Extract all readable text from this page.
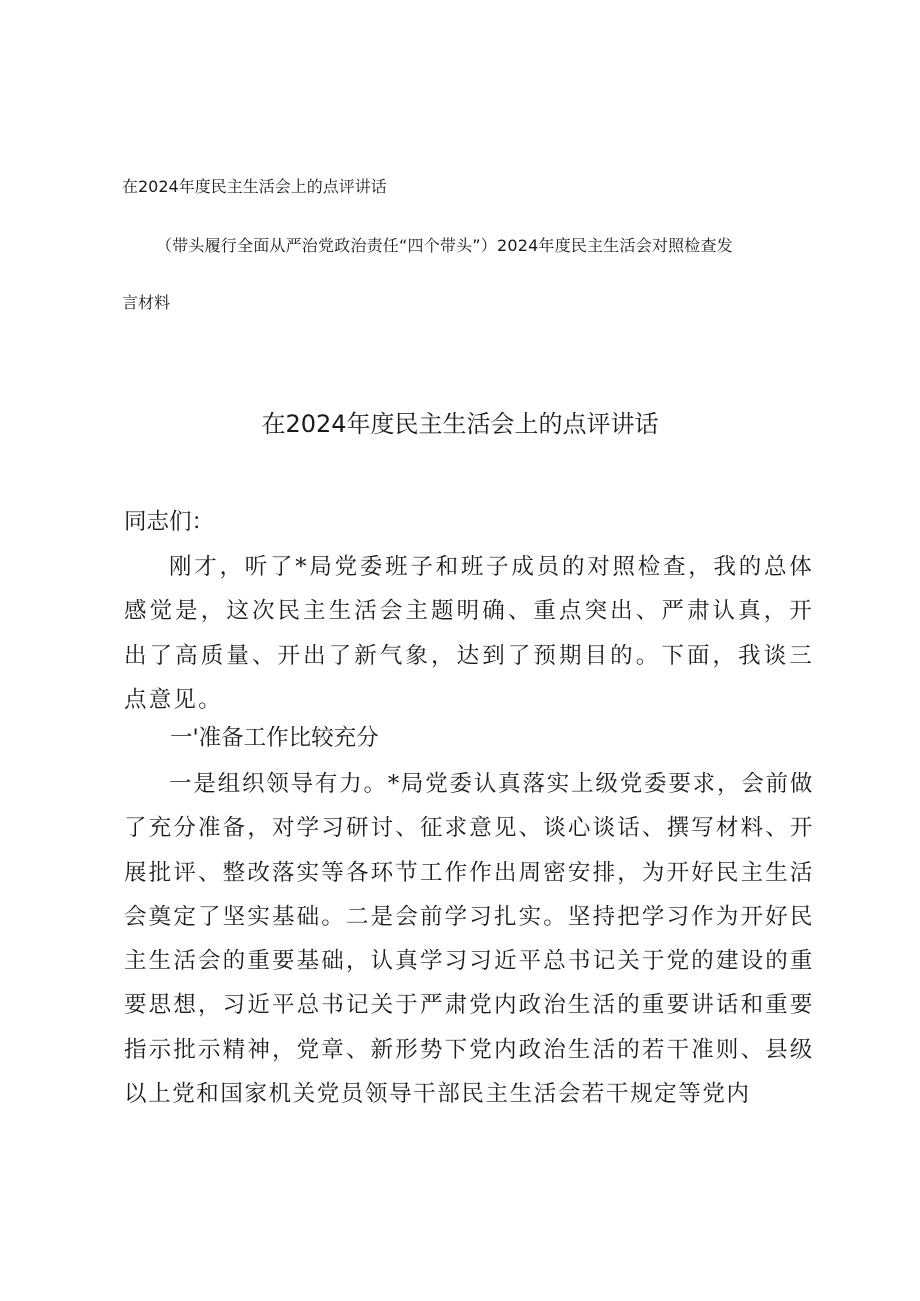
在2024年度民主生活会上的点评讲话
（带头履行全面从严治党政治责任“四个带头”）2024年度民主生活会对照检查发
言材料
在2024年度民主生活会上的点评讲话
同志们：
刚才，听了*局党委班子和班子成员的对照检查，我的总体感觉是，这次民主生活会主题明确、重点突出、严肃认真，开出了高质量、开出了新气象，达到了预期目的。下面，我谈三点意见。
一'准备工作比较充分
一是组织领导有力。*局党委认真落实上级党委要求，会前做了充分准备，对学习研讨、征求意见、谈心谈话、撰写材料、开展批评、整改落实等各环节工作作出周密安排，为开好民主生活会奠定了坚实基础。二是会前学习扎实。坚持把学习作为开好民主生活会的重要基础，认真学习习近平总书记关于党的建设的重要思想，习近平总书记关于严肃党内政治生活的重要讲话和重要指示批示精神，党章、新形势下党内政治生活的若干准则、县级以上党和国家机关党员领导干部民主生活会若干规定等党内
